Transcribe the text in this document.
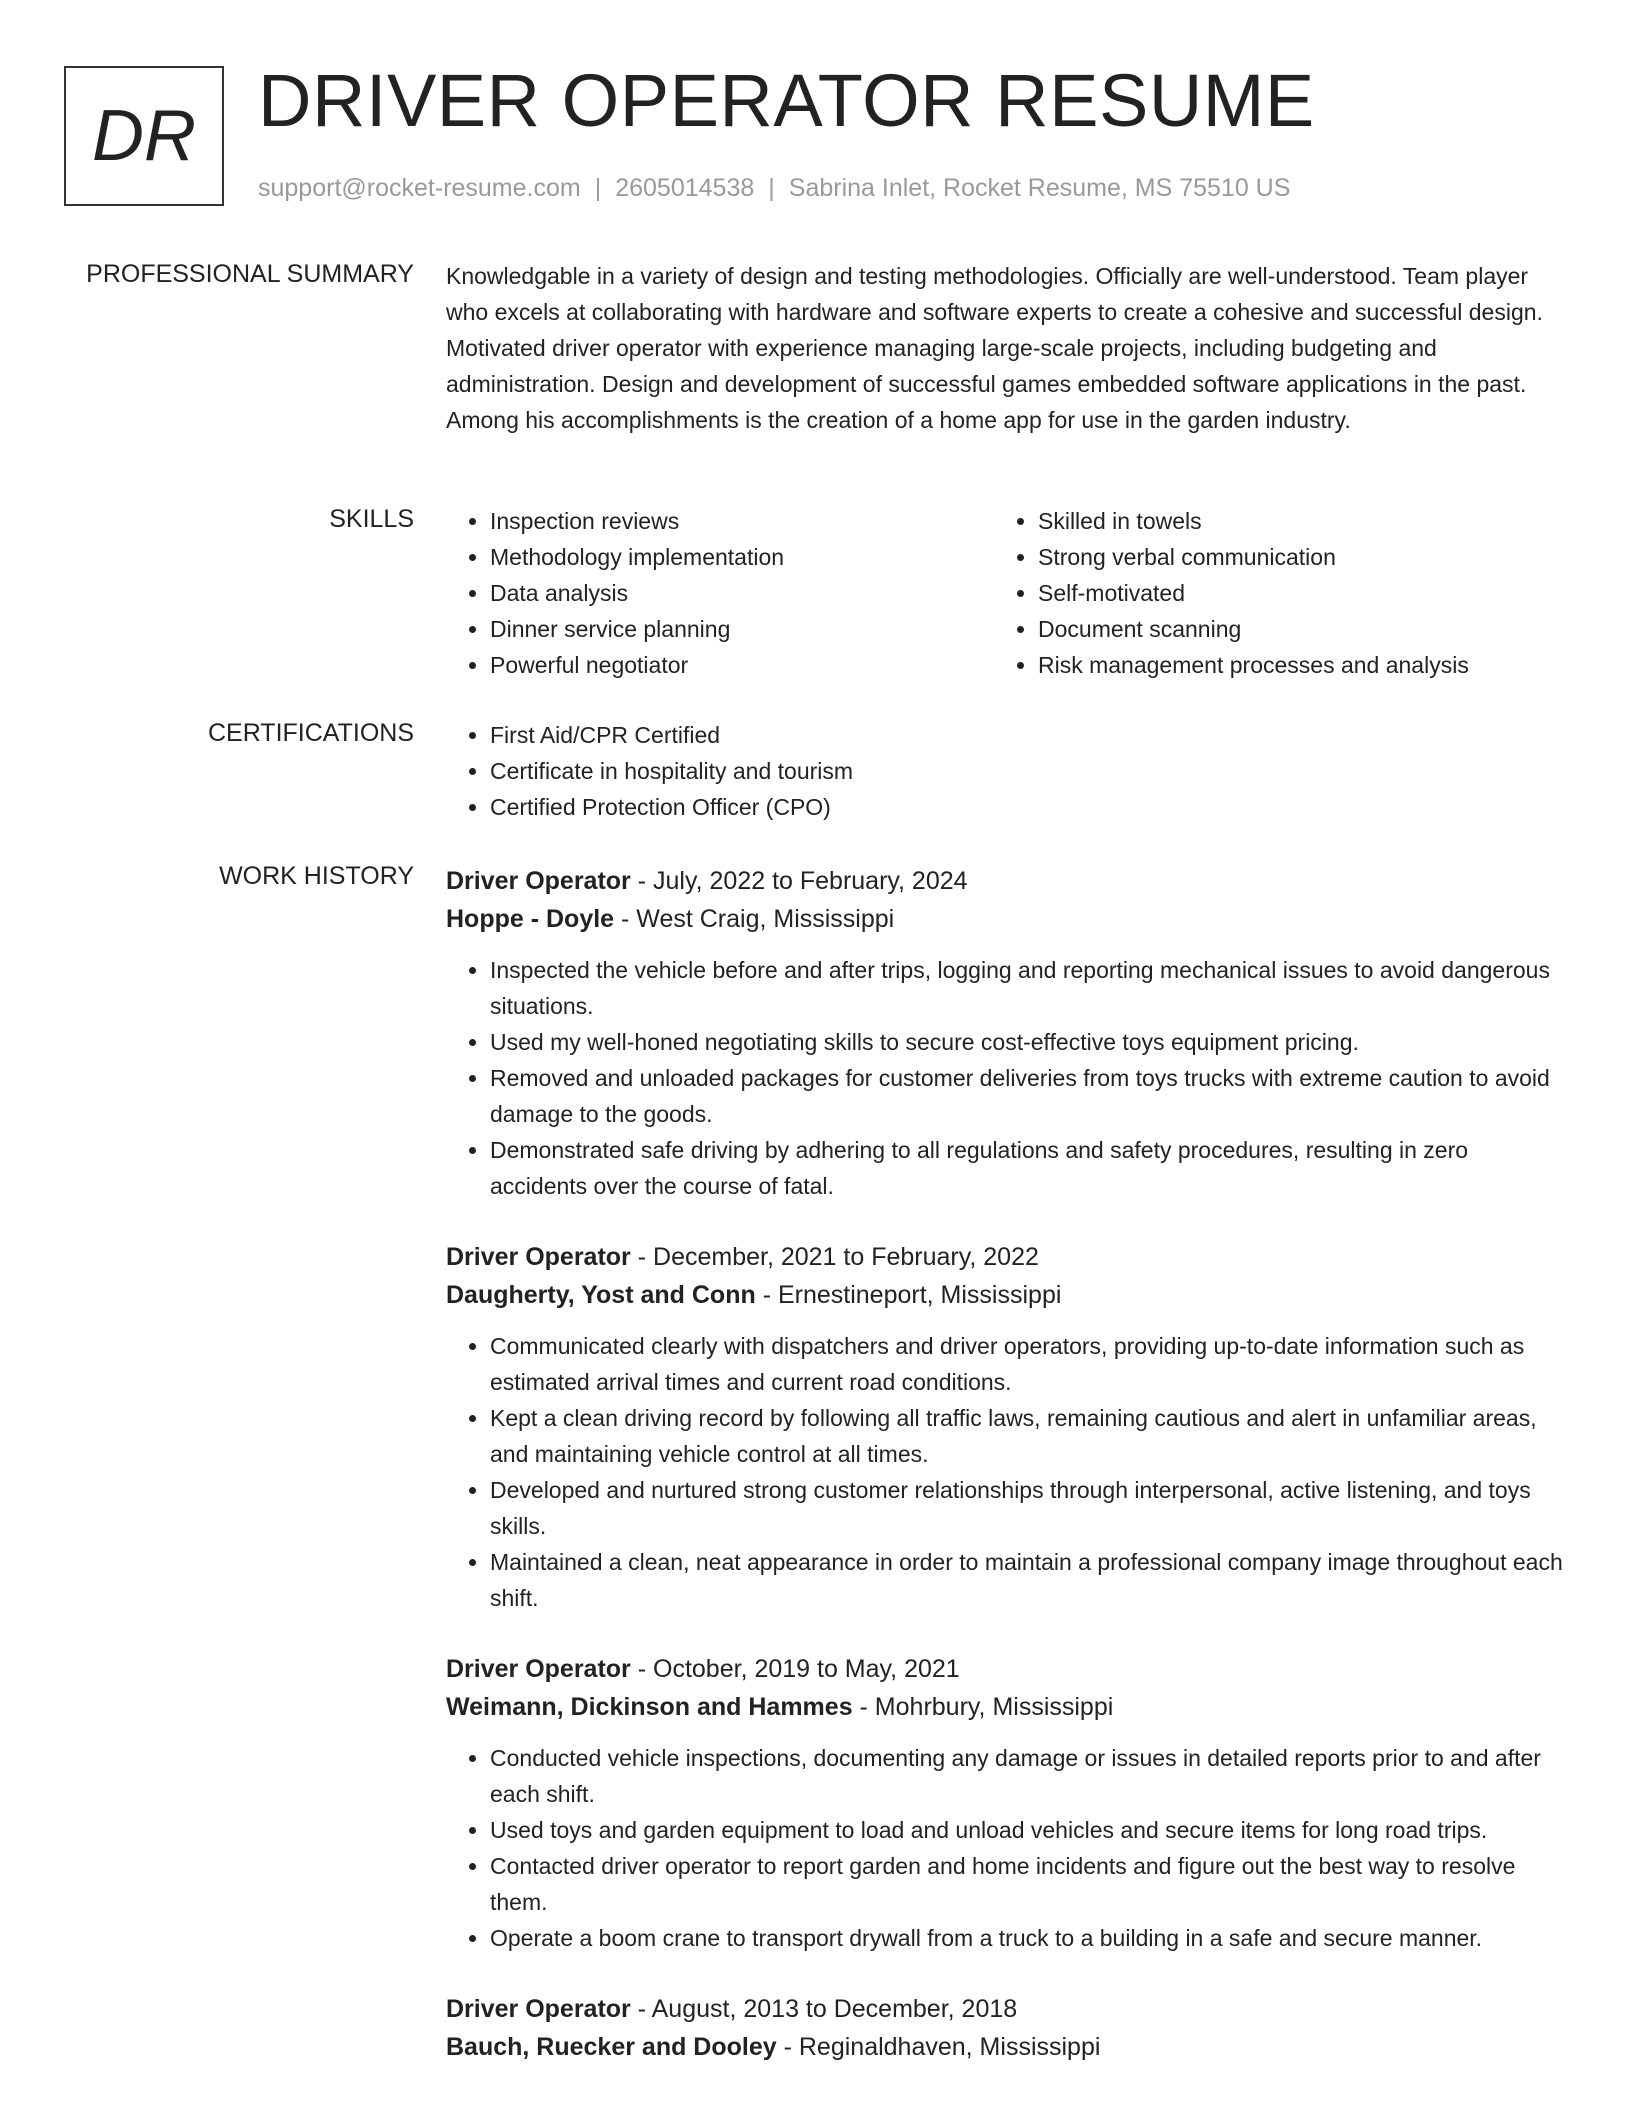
DR DRIVER OPERATOR RESUME
support@rocket-resume.com | 2605014538 | Sabrina Inlet, Rocket Resume, MS 75510 US
PROFESSIONAL SUMMARY Knowledgable in a variety of design and testing methodologies. Officially are well-understood. Team player who excels at collaborating with hardware and software experts to create a cohesive and successful design. Motivated driver operator with experience managing large-scale projects, including budgeting and administration. Design and development of successful games embedded software applications in the past. Among his accomplishments is the creation of a home app for use in the garden industry.

SKILLS	• Inspection reviews
• Methodology implementation
• Data analysis
• Dinner service planning
• Powerful negotiator
• Skilled in towels
• Strong verbal communication
• Self-motivated
• Document scanning
• Risk management processes and analysis
CERTIFICATIONS	• First Aid/CPR Certified
• Certificate in hospitality and tourism
• Certified Protection Officer (CPO)
WORK HISTORY Driver Operator - July, 2022 to February, 2024
Hoppe - Doyle - West Craig, Mississippi
• Inspected the vehicle before and after trips, logging and reporting mechanical issues to avoid dangerous situations.
• Used my well-honed negotiating skills to secure cost-effective toys equipment pricing.
• Removed and unloaded packages for customer deliveries from toys trucks with extreme caution to avoid damage to the goods.
• Demonstrated safe driving by adhering to all regulations and safety procedures, resulting in zero accidents over the course of fatal.
Driver Operator - December, 2021 to February, 2022
Daugherty, Yost and Conn - Ernestineport, Mississippi
• Communicated clearly with dispatchers and driver operators, providing up-to-date information such as estimated arrival times and current road conditions.
• Kept a clean driving record by following all traffic laws, remaining cautious and alert in unfamiliar areas, and maintaining vehicle control at all times.
• Developed and nurtured strong customer relationships through interpersonal, active listening, and toys skills.
• Maintained a clean, neat appearance in order to maintain a professional company image throughout each shift.
Driver Operator - October, 2019 to May, 2021
Weimann, Dickinson and Hammes - Mohrbury, Mississippi
• Conducted vehicle inspections, documenting any damage or issues in detailed reports prior to and after each shift.
• Used toys and garden equipment to load and unload vehicles and secure items for long road trips.
• Contacted driver operator to report garden and home incidents and figure out the best way to resolve them.
• Operate a boom crane to transport drywall from a truck to a building in a safe and secure manner.
Driver Operator - August, 2013 to December, 2018
Bauch, Ruecker and Dooley - Reginaldhaven, Mississippi
